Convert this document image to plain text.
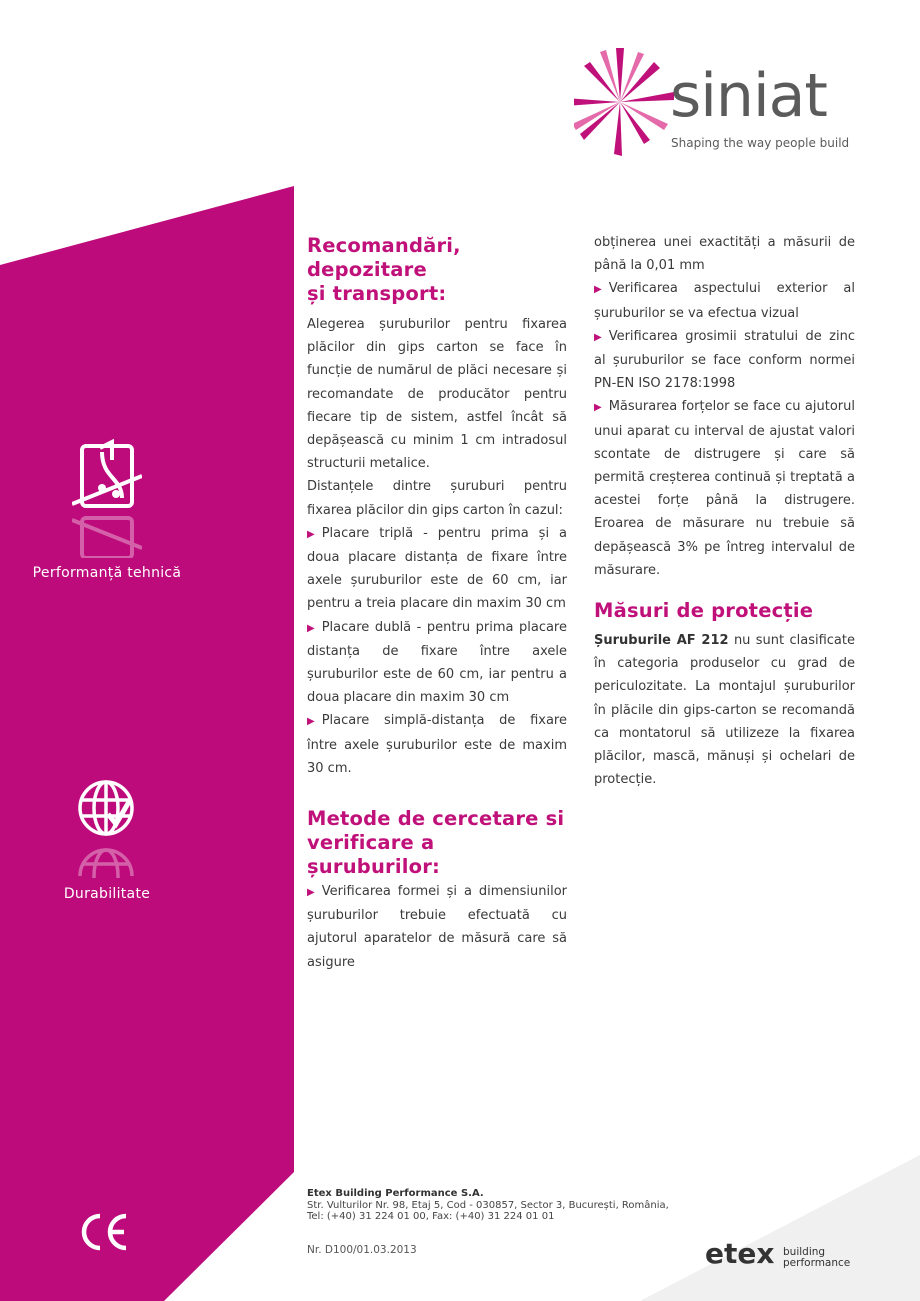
siniat
Shaping the way people build
Performanță tehnică
Durabilitate
Recomandări, depozitare
și transport:

Alegerea șuruburilor pentru fixarea plăcilor din gips carton se face în funcție de numărul de plăci necesare și recomandate de producător pentru fiecare tip de sistem, astfel încât să depășească cu minim 1 cm intradosul structurii metalice.

Distanțele dintre șuruburi pentru fixarea plăcilor din gips carton în cazul:

▶ Placare triplă - pentru prima și a doua placare distanța de fixare între axele șuruburilor este de 60 cm, iar pentru a treia placare din maxim 30 cm

▶ Placare dublă - pentru prima placare distanța de fixare între axele șuruburilor este de 60 cm, iar pentru a doua placare din maxim 30 cm

▶ Placare simplă-distanța de fixare între axele șuruburilor este de maxim 30 cm.

Metode de cercetare si
verificare a șuruburilor:

▶ Verificarea formei și a dimensiunilor șuruburilor trebuie efectuată cu ajutorul aparatelor de măsură care să asigure

obținerea unei exactități a măsurii de până la 0,01 mm

▶ Verificarea aspectului exterior al șuruburilor se va efectua vizual

▶ Verificarea grosimii stratului de zinc al șuruburilor se face conform normei PN-EN ISO 2178:1998

▶ Măsurarea forțelor se face cu ajutorul unui aparat cu interval de ajustat valori scontate de distrugere și care să permită creșterea continuă și treptată a acestei forțe până la distrugere. Eroarea de măsurare nu trebuie să depășească 3% pe întreg intervalul de măsurare.

Măsuri de protecție

Șuruburile AF 212 nu sunt clasificate în categoria produselor cu grad de periculozitate. La montajul șuruburilor în plăcile din gips-carton se recomandă ca montatorul să utilizeze la fixarea plăcilor, mască, mănuși și ochelari de protecție.

Etex Building Performance S.A.
Str. Vulturilor Nr. 98, Etaj 5, Cod - 030857, Sector 3, București, România,
Tel: (+40) 31 224 01 00, Fax: (+40) 31 224 01 01
Nr. D100/01.03.2013	etex building
performance
